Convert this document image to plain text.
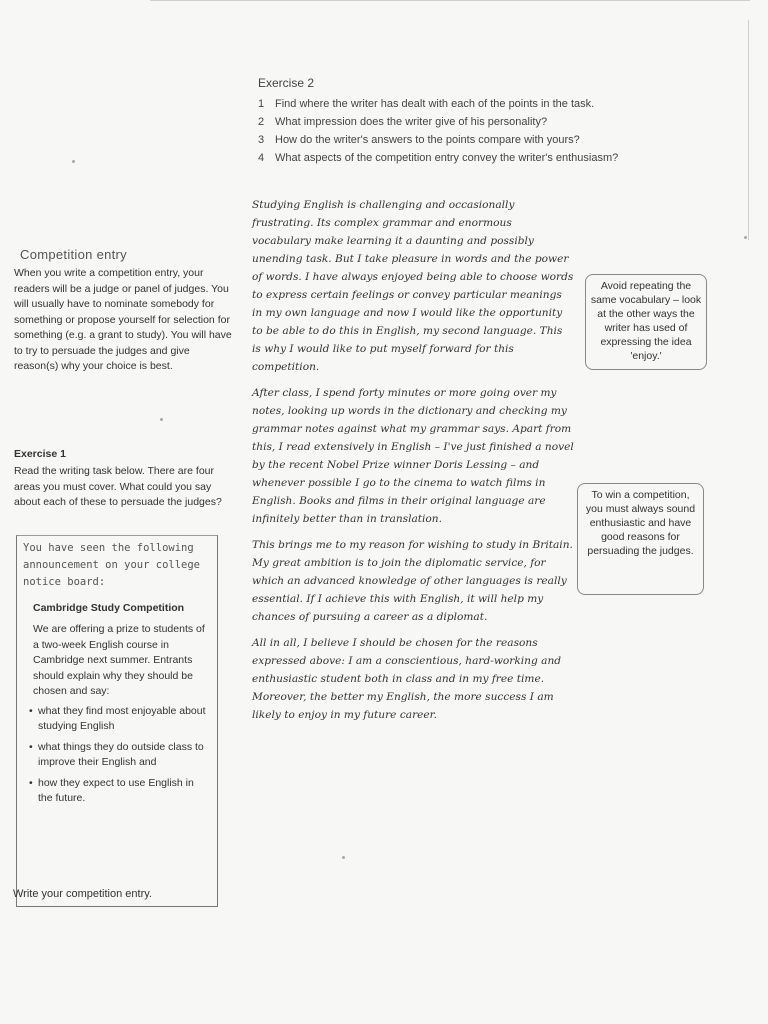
Exercise 2
1 Find where the writer has dealt with each of the points in the task.
2 What impression does the writer give of his personality?
3 How do the writer's answers to the points compare with yours?
4 What aspects of the competition entry convey the writer's enthusiasm?
Competition entry
When you write a competition entry, your readers will be a judge or panel of judges. You will usually have to nominate somebody for something or propose yourself for selection for something (e.g. a grant to study). You will have to try to persuade the judges and give reason(s) why your choice is best.
Exercise 1
Read the writing task below. There are four areas you must cover. What could you say about each of these to persuade the judges?

You have seen the following announcement on your college notice board:

Cambridge Study Competition
We are offering a prize to students of a two-week English course in Cambridge next summer. Entrants should explain why they should be chosen and say:
• what they find most enjoyable about studying English
• what things they do outside class to improve their English and
• how they expect to use English in the future.
Write your competition entry.

Studying English is challenging and occasionally frustrating. Its complex grammar and enormous vocabulary make learning it a daunting and possibly unending task. But I take pleasure in words and the power of words. I have always enjoyed being able to choose words to express certain feelings or convey particular meanings in my own language and now I would like the opportunity to be able to do this in English, my second language. This is why I would like to put myself forward for this competition.

After class, I spend forty minutes or more going over my notes, looking up words in the dictionary and checking my grammar notes against what my grammar says. Apart from this, I read extensively in English – I've just finished a novel by the recent Nobel Prize winner Doris Lessing – and whenever possible I go to the cinema to watch films in English. Books and films in their original language are infinitely better than in translation.

This brings me to my reason for wishing to study in Britain. My great ambition is to join the diplomatic service, for which an advanced knowledge of other languages is really essential. If I achieve this with English, it will help my chances of pursuing a career as a diplomat.

All in all, I believe I should be chosen for the reasons expressed above: I am a conscientious, hard-working and enthusiastic student both in class and in my free time. Moreover, the better my English, the more success I am likely to enjoy in my future career.

Avoid repeating the same vocabulary – look at the other ways the writer has used of expressing the idea 'enjoy.'
To win a competition, you must always sound enthusiastic and have good reasons for persuading the judges.
